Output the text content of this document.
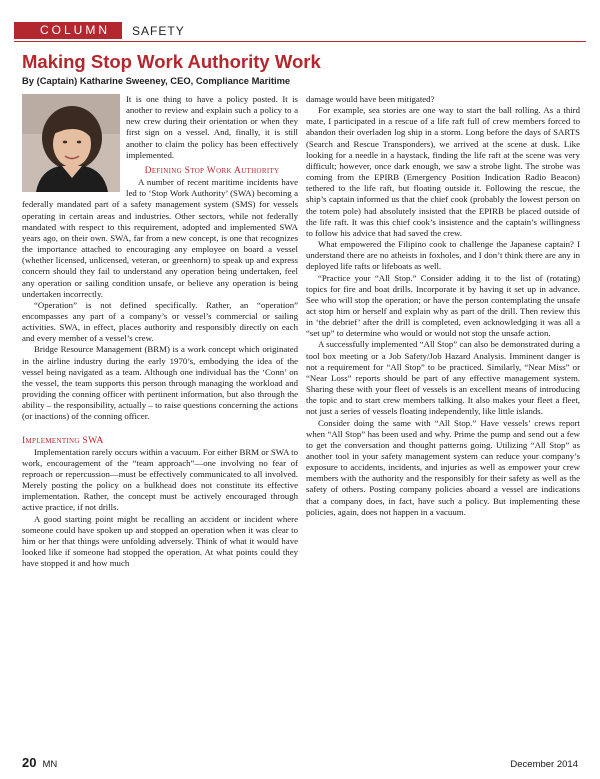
COLUMN	SAFETY
Making Stop Work Authority Work
By (Captain) Katharine Sweeney, CEO, Compliance Maritime

It is one thing to have a policy posted. It is another to review and explain such a policy to a new crew during their orientation or when they first sign on a vessel. And, finally, it is still another to claim the policy has been effectively implemented.

Defining Stop Work Authority

A number of recent maritime incidents have led to ‘Stop Work Authority’ (SWA) becoming a federally mandated part of a safety management system (SMS) for vessels operating in certain areas and industries. Other sectors, while not federally mandated with respect to this requirement, adopted and implemented SWA years ago, on their own. SWA, far from a new concept, is one that recognizes the importance attached to encouraging any employee on board a vessel (whether licensed, unlicensed, veteran, or greenhorn) to speak up and express concern should they fail to understand any operation being undertaken, feel any operation or sailing condition unsafe, or believe any operation is being undertaken incorrectly.

“Operation” is not defined specifically. Rather, an “operation” encompasses any part of a company’s or vessel’s commercial or sailing activities. SWA, in effect, places authority and responsibly directly on each and every member of a vessel’s crew.

Bridge Resource Management (BRM) is a work concept which originated in the airline industry during the early 1970’s, embodying the idea of the vessel being navigated as a team. Although one individual has the ‘Conn’ on the vessel, the team supports this person through managing the workload and providing the conning officer with pertinent information, but also through the ability – the responsibility, actually – to raise questions concerning the actions (or inactions) of the conning officer.

Implementing SWA

Implementation rarely occurs within a vacuum. For either BRM or SWA to work, encouragement of the “team approach”—one involving no fear of reproach or repercussion—must be effectively communicated to all involved. Merely posting the policy on a bulkhead does not constitute its effective implementation. Rather, the concept must be actively encouraged through active practice, if not drills.

A good starting point might be recalling an accident or incident where someone could have spoken up and stopped an operation when it was clear to him or her that things were unfolding adversely. Think of what it would have looked like if someone had stopped the operation. At what points could they have stopped it and how much

damage would have been mitigated?

For example, sea stories are one way to start the ball rolling. As a third mate, I participated in a rescue of a life raft full of crew members forced to abandon their overladen log ship in a storm. Long before the days of SARTS (Search and Rescue Transponders), we arrived at the scene at dusk. Like looking for a needle in a haystack, finding the life raft at the scene was very difficult; however, once dark enough, we saw a strobe light. The strobe was coming from the EPIRB (Emergency Position Indication Radio Beacon) tethered to the life raft, but floating outside it. Following the rescue, the ship’s captain informed us that the chief cook (probably the lowest person on the totem pole) had absolutely insisted that the EPIRB be placed outside of the life raft. It was this chief cook’s insistence and the captain’s willingness to follow his advice that had saved the crew.

What empowered the Filipino cook to challenge the Japanese captain? I understand there are no atheists in foxholes, and I don’t think there are any in deployed life rafts or lifeboats as well.

“Practice your “All Stop.” Consider adding it to the list of (rotating) topics for fire and boat drills. Incorporate it by having it set up in advance. See who will stop the operation; or have the person contemplating the unsafe act stop him or herself and explain why as part of the drill. Then review this in ‘the debrief’ after the drill is completed, even acknowledging it was all a “set up” to determine who would or would not stop the unsafe action.

A successfully implemented “All Stop” can also be demonstrated during a tool box meeting or a Job Safety/Job Hazard Analysis. Imminent danger is not a requirement for “All Stop” to be practiced. Similarly, “Near Miss” or “Near Loss” reports should be part of any effective management system. Sharing these with your fleet of vessels is an excellent means of introducing the topic and to start crew members talking. It also makes your fleet a fleet, not just a series of vessels floating independently, like little islands.

Consider doing the same with “All Stop.” Have vessels’ crews report when “All Stop” has been used and why. Prime the pump and send out a few to get the conversation and thought patterns going. Utilizing “All Stop” as another tool in your safety management system can reduce your company’s exposure to accidents, incidents, and injuries as well as empower your crew members with the authority and the responsibly for their safety as well as the safety of others. Posting company policies aboard a vessel are indications that a company does, in fact, have such a policy. But implementing these policies, again, does not happen in a vacuum.

20 MN	December 2014
